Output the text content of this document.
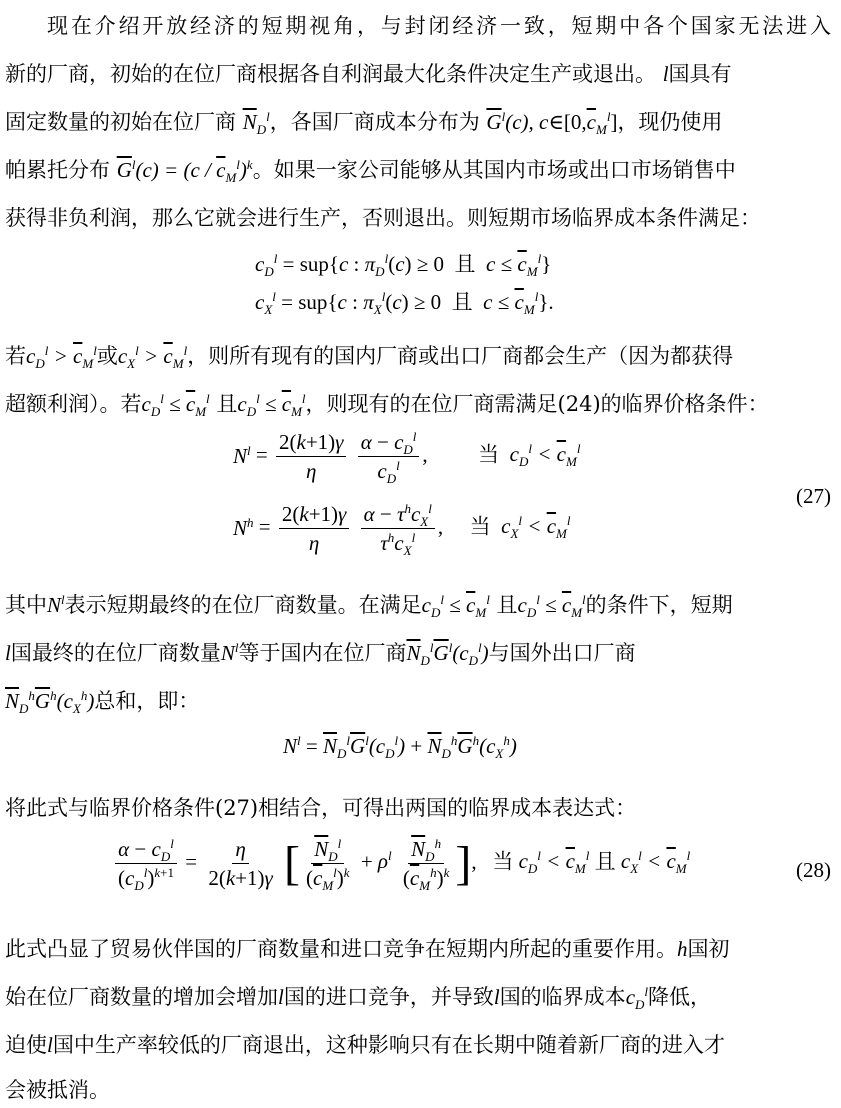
现在介绍开放经济的短期视角，与封闭经济一致，短期中各个国家无法进入
新的厂商，初始的在位厂商根据各自利润最大化条件决定生产或退出。 l国具有
固定数量的初始在位厂商 $\overline{N}_D^l$，各国厂商成本分布为 $\overline{G}^l(c)$, $c\in[0,\overline{c}_M^l]$，现仍使用
帕累托分布 $\overline{G}^l(c) = (c / \overline{c}_M^l)^k$。如果一家公司能够从其国内市场或出口市场销售中
获得非负利润，那么它就会进行生产，否则退出。则短期市场临界成本条件满足：
$c_D^l = sup\{c$ : $\pi_D^l(c) \ge 0$  且 $c \le \overline{c}_M^l$}
$c_X^l = sup\{c$ : $\pi_X^l(c) \ge 0$  且 $c \le \overline{c}_M^l$}.
若$c_D^l > \overline{c}_M^l$或$c_X^l > \overline{c}_M^l$，则所有现有的国内厂商或出口厂商都会生产（因为都获得
超额利润）。若$c_D^l \le \overline{c}_M^l$ 且$c_D^l \le \overline{c}_M^l$，则现有的在位厂商需满足(24)的临界价格条件：
$N^l = \frac{2(k+1)\gamma}{\eta}$
$\frac{\alpha - c_D^l}{c_D^l}$ ,  当 $c_D^l < \overline{c}_M^l$
$N^h = \frac{2(k+1)\gamma}{\eta}$
$\frac{\alpha - \tau^hc_X^l}{\tau^hc_X^l}$ ,  当 $c_X^l < \overline{c}_M^l$
(27)
其中$N^l$表示短期最终的在位厂商数量。在满足$c_D^l \le \overline{c}_M^l$ 且$c_D^l \le \overline{c}_M^l$的条件下，短期
l国最终的在位厂商数量$N^l$等于国内在位厂商$\overline{N}_D^l\overline{G}^l(c_D^l)$与国外出口厂商
$\overline{N}_D^h\overline{G}^h(c_X^h)$总和，即：
$N^l = \overline{N}_D^l\overline{G}^l(c_D^l) + \overline{N}_D^h\overline{G}^h(c_X^h)$
将此式与临界价格条件(27)相结合，可得出两国的临界成本表达式：
$\frac{\alpha - c_D^l}{(c_D^l)^{k+1}} = \frac{\eta}{2(k+1)\gamma}$ [ $\frac{\overline{N}_D^l}{(\overline{c}_M^l)^k} + \rho^l \frac{\overline{N}_D^h}{(\overline{c}_M^h)^k}$ ],   当 $c_D^l < \overline{c}_M^l$ 且 $c_X^l < \overline{c}_M^l$
(28)
此式凸显了贸易伙伴国的厂商数量和进口竞争在短期内所起的重要作用。h国初
始在位厂商数量的增加会增加l国的进口竞争，并导致l国的临界成本$c_D^l$降低，
迫使l国中生产率较低的厂商退出，这种影响只有在长期中随着新厂商的进入才
会被抵消。
